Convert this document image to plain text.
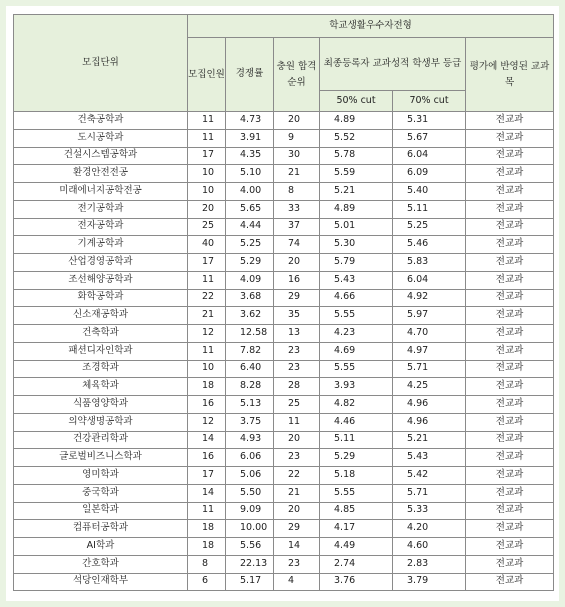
모집단위	학교생활우수자전형					
	모집인원	경쟁률	충원 합격 순위	최종등록자 교과성적 학생부 등급		평가에 반영된 교과목
				50% cut	70% cut	
건축공학과	11	4.73	20	4.89	5.31	전교과
도시공학과	11	3.91	9	5.52	5.67	전교과
건설시스템공학과	17	4.35	30	5.78	6.04	전교과
환경안전전공	10	5.10	21	5.59	6.09	전교과
미래에너지공학전공	10	4.00	8	5.21	5.40	전교과
전기공학과	20	5.65	33	4.89	5.11	전교과
전자공학과	25	4.44	37	5.01	5.25	전교과
기계공학과	40	5.25	74	5.30	5.46	전교과
산업경영공학과	17	5.29	20	5.79	5.83	전교과
조선해양공학과	11	4.09	16	5.43	6.04	전교과
화학공학과	22	3.68	29	4.66	4.92	전교과
신소재공학과	21	3.62	35	5.55	5.97	전교과
건축학과	12	12.58	13	4.23	4.70	전교과
패션디자인학과	11	7.82	23	4.69	4.97	전교과
조경학과	10	6.40	23	5.55	5.71	전교과
체육학과	18	8.28	28	3.93	4.25	전교과
식품영양학과	16	5.13	25	4.82	4.96	전교과
의약생명공학과	12	3.75	11	4.46	4.96	전교과
건강관리학과	14	4.93	20	5.11	5.21	전교과
글로벌비즈니스학과	16	6.06	23	5.29	5.43	전교과
영미학과	17	5.06	22	5.18	5.42	전교과
중국학과	14	5.50	21	5.55	5.71	전교과
일본학과	11	9.09	20	4.85	5.33	전교과
컴퓨터공학과	18	10.00	29	4.17	4.20	전교과
AI학과	18	5.56	14	4.49	4.60	전교과
간호학과	8	22.13	23	2.74	2.83	전교과
석당인재학부	6	5.17	4	3.76	3.79	전교과
